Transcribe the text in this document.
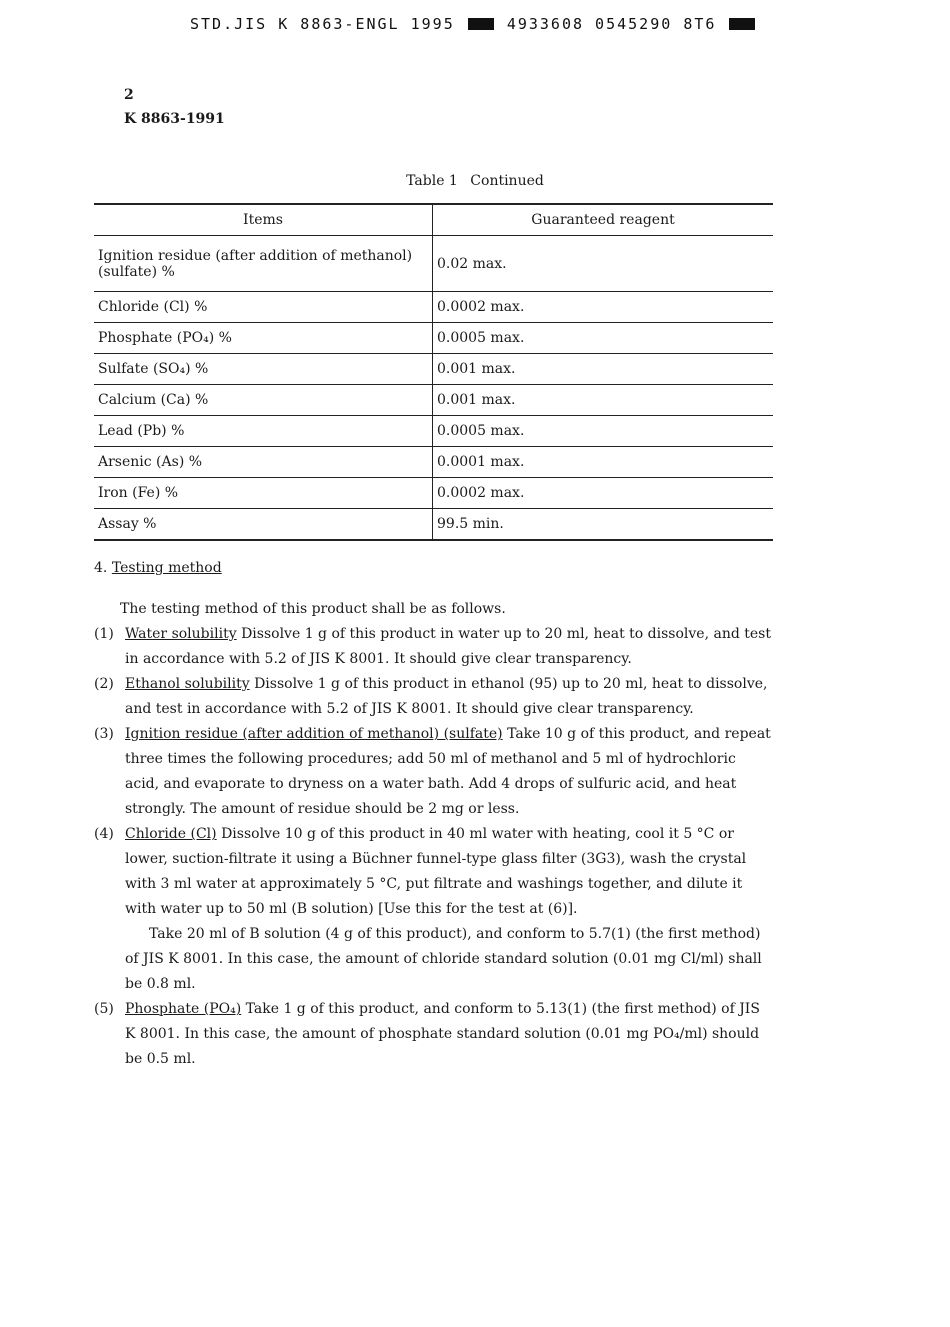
STD.JIS K 8863-ENGL 1995	4933608 0545290 8T6
2
K 8863-1991
Table 1 Continued
Items	Guaranteed reagent
Ignition residue (after addition of methanol) (sulfate) %	0.02 max.
Chloride (Cl) %	0.0002 max.
Phosphate (PO₄) %	0.0005 max.
Sulfate (SO₄) %	0.001 max.
Calcium (Ca) %	0.001 max.
Lead (Pb) %	0.0005 max.
Arsenic (As) %	0.0001 max.
Iron (Fe) %	0.0002 max.
Assay %	99.5 min.
4. Testing method
The testing method of this product shall be as follows.
(1) Water solubility Dissolve 1 g of this product in water up to 20 ml, heat to dissolve, and test in accordance with 5.2 of JIS K 8001. It should give clear transparency.
(2) Ethanol solubility Dissolve 1 g of this product in ethanol (95) up to 20 ml, heat to dissolve, and test in accordance with 5.2 of JIS K 8001. It should give clear transparency.
(3) Ignition residue (after addition of methanol) (sulfate) Take 10 g of this product, and repeat three times the following procedures; add 50 ml of methanol and 5 ml of hydrochloric acid, and evaporate to dryness on a water bath. Add 4 drops of sulfuric acid, and heat strongly. The amount of residue should be 2 mg or less.
(4) Chloride (Cl) Dissolve 10 g of this product in 40 ml water with heating, cool it 5 °C or lower, suction-filtrate it using a Büchner funnel-type glass filter (3G3), wash the crystal with 3 ml water at approximately 5 °C, put filtrate and washings together, and dilute it with water up to 50 ml (B solution) [Use this for the test at (6)].
Take 20 ml of B solution (4 g of this product), and conform to 5.7(1) (the first method) of JIS K 8001. In this case, the amount of chloride standard solution (0.01 mg Cl/ml) shall be 0.8 ml.
(5) Phosphate (PO₄) Take 1 g of this product, and conform to 5.13(1) (the first method) of JIS K 8001. In this case, the amount of phosphate standard solution (0.01 mg PO₄/ml) should be 0.5 ml.
